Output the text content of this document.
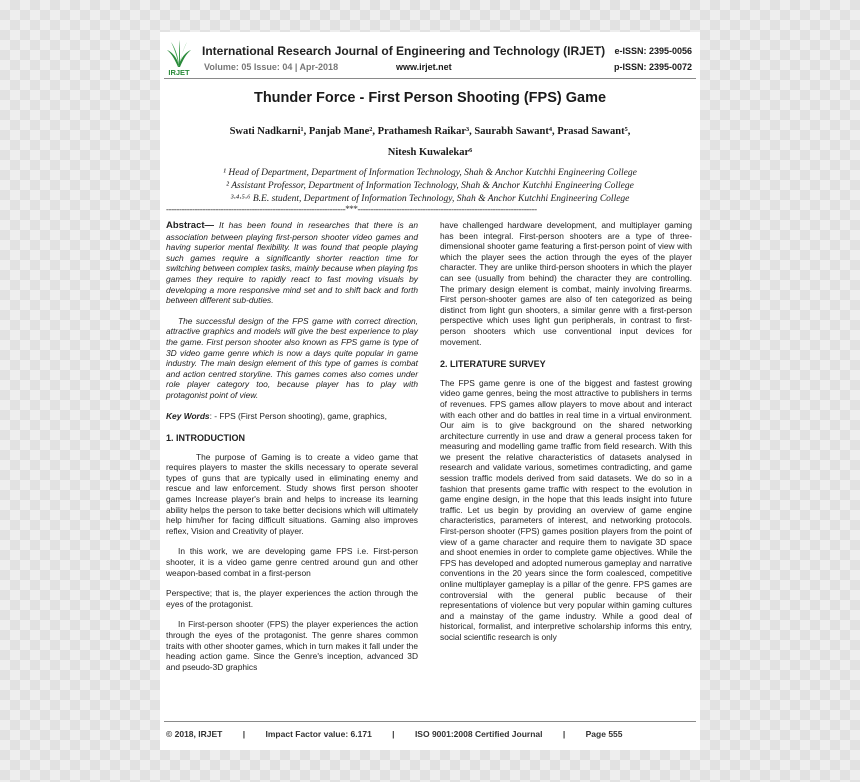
IRJET
International Research Journal of Engineering and Technology (IRJET) e-ISSN: 2395-0056
Volume: 05 Issue: 04 | Apr-2018	www.irjet.net	p-ISSN: 2395-0072
Thunder Force - First Person Shooting (FPS) Game
Swati Nadkarni¹, Panjab Mane², Prathamesh Raikar³, Saurabh Sawant⁴, Prasad Sawant⁵,
Nitesh Kuwalekar⁶
¹ Head of Department, Department of Information Technology, Shah & Anchor Kutchhi Engineering College
² Assistant Professor, Department of Information Technology, Shah & Anchor Kutchhi Engineering College
³·⁴·⁵·⁶ B.E. student, Department of Information Technology, Shah & Anchor Kutchhi Engineering College
---------------------------------------------------------------------***---------------------------------------------------------------------

Abstract— It has been found in researches that there is an association between playing first-person shooter video games and having superior mental flexibility. It was found that people playing such games require a significantly shorter reaction time for switching between complex tasks, mainly because when playing fps games they require to rapidly react to fast moving visuals by developing a more responsive mind set and to shift back and forth between different sub-duties.

The successful design of the FPS game with correct direction, attractive graphics and models will give the best experience to play the game. First person shooter also known as FPS game is type of 3D video game genre which is now a days quite popular in game industry. The main design element of this type of games is combat and action centred storyline. This games comes also comes under role player category too, because player has to play with protagonist point of view.

Key Words: - FPS (First Person shooting), game, graphics,

1. INTRODUCTION

The purpose of Gaming is to create a video game that requires players to master the skills necessary to operate several types of guns that are typically used in eliminating enemy and rescue and law enforcement. Study shows first person shooter games Increase player's brain and helps to increase its learning ability helps the person to take better decisions which will ultimately help him/her for facing difficult situations. Gaming also improves reflex, Vision and Creativity of player.

In this work, we are developing game FPS i.e. First-person shooter, it is a video game genre centred around gun and other weapon-based combat in a first-person

Perspective; that is, the player experiences the action through the eyes of the protagonist.

In First-person shooter (FPS) the player experiences the action through the eyes of the protagonist. The genre shares common traits with other shooter games, which in turn makes it fall under the heading action game. Since the Genre's inception, advanced 3D and pseudo-3D graphics

have challenged hardware development, and multiplayer gaming has been integral. First-person shooters are a type of three-dimensional shooter game featuring a first-person point of view with which the player sees the action through the eyes of the player character. They are unlike third-person shooters in which the player can see (usually from behind) the character they are controlling. The primary design element is combat, mainly involving firearms. First person-shooter games are also of ten categorized as being distinct from light gun shooters, a similar genre with a first-person perspective which uses light gun peripherals, in contrast to first-person shooters which use conventional input devices for movement.

2. LITERATURE SURVEY

The FPS game genre is one of the biggest and fastest growing video game genres, being the most attractive to publishers in terms of revenues. FPS games allow players to move about and interact with each other and do battles in real time in a virtual environment. Our aim is to give background on the shared networking architecture currently in use and draw a general process taken for measuring and modelling game traffic from field research. With this we present the relative characteristics of datasets analysed in research and validate various, sometimes contradicting, and game session traffic models derived from said datasets. We do so in a fashion that presents game traffic with respect to the evolution in game engine design, in the hope that this leads insight into future traffic. Let us begin by providing an overview of game engine characteristics, parameters of interest, and networking protocols. First-person shooter (FPS) games position players from the point of view of a game character and require them to navigate 3D space and shoot enemies in order to complete game objectives. While the FPS has developed and adopted numerous gameplay and narrative conventions in the 20 years since the form coalesced, competitive online multiplayer gameplay is a pillar of the genre. FPS games are controversial with the general public because of their representations of violence but very popular within gaming cultures and a mainstay of the game industry. While a good deal of historical, formalist, and interpretive scholarship informs this entry, social scientific research is only

© 2018, IRJET | Impact Factor value: 6.171 | ISO 9001:2008 Certified Journal | Page 555
